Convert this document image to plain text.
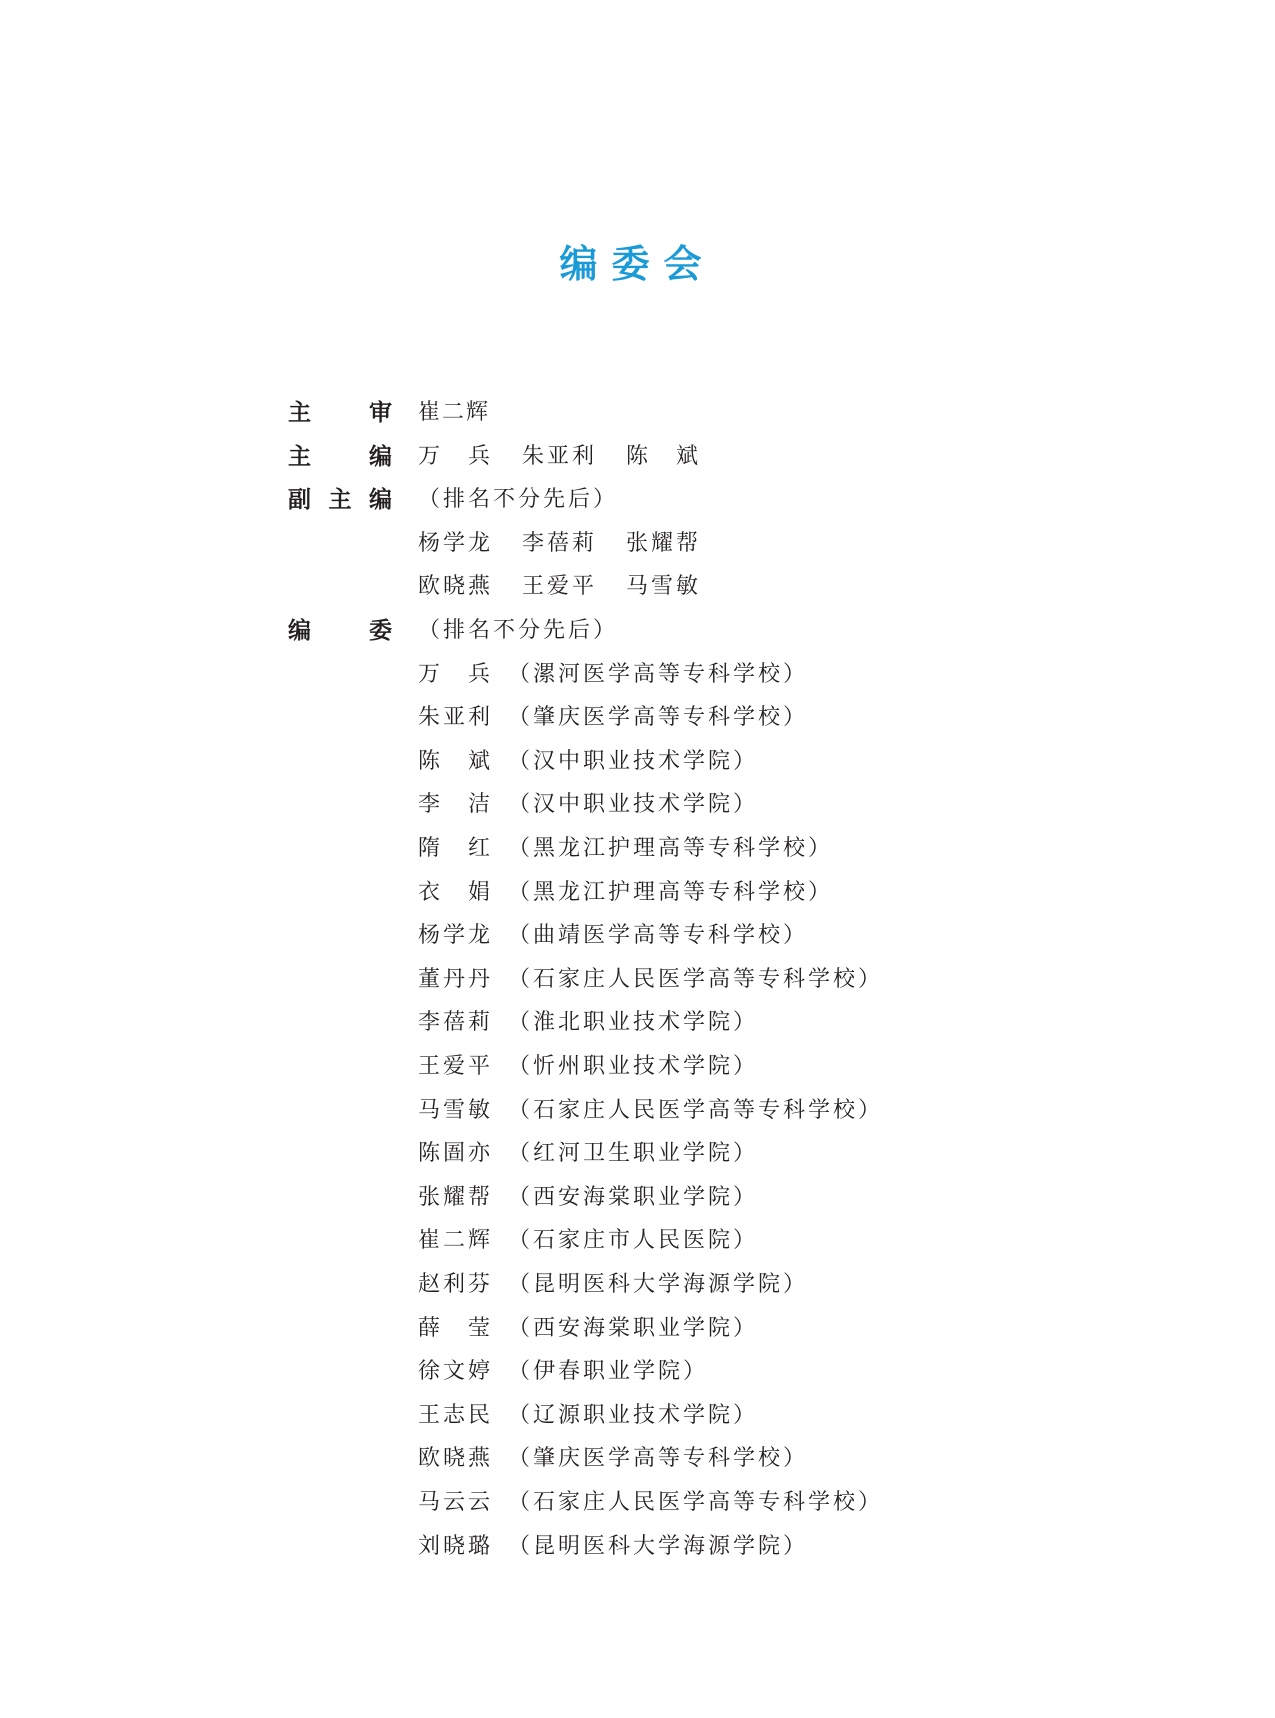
编委会
主	审 崔二辉
主	编 万 兵 朱 亚 利 陈 斌
副 主 编 （排名不分先后）
杨 学 龙 李 蓓 莉 张 耀 帮
欧 晓 燕 王 爱 平 马 雪 敏
编	委 （排名不分先后）
万 兵 （漯河医学高等专科学校）
朱 亚 利 （肇庆医学高等专科学校）
陈 斌 （汉中职业技术学院）
李 洁 （汉中职业技术学院）
隋 红 （黑龙江护理高等专科学校）
衣 娟 （黑龙江护理高等专科学校）
杨 学 龙 （曲靖医学高等专科学校）
董 丹 丹 （石家庄人民医学高等专科学校）
李 蓓 莉 （淮北职业技术学院）
王 爱 平 （忻州职业技术学院）
马 雪 敏 （石家庄人民医学高等专科学校）
陈 圄 亦 （红河卫生职业学院）
张 耀 帮 （西安海棠职业学院）
崔 二 辉 （石家庄市人民医院）
赵 利 芬 （昆明医科大学海源学院）
薛 莹 （西安海棠职业学院）
徐 文 婷 （伊春职业学院）
王 志 民 （辽源职业技术学院）
欧 晓 燕 （肇庆医学高等专科学校）
马 云 云 （石家庄人民医学高等专科学校）
刘 晓 璐 （昆明医科大学海源学院）
